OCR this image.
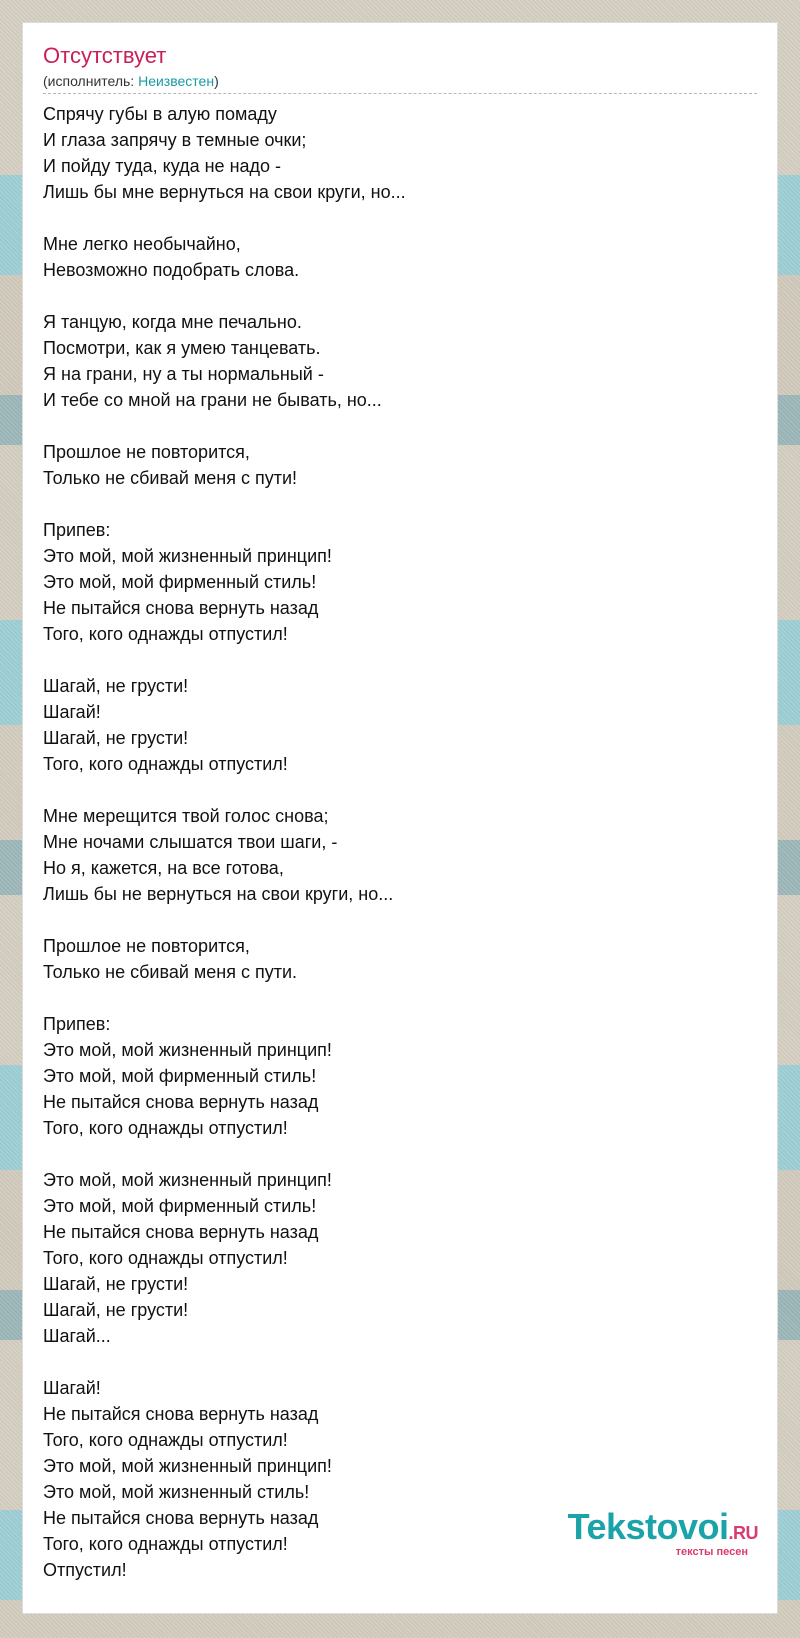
Отсутствует
(исполнитель: Неизвестен)
Спрячу губы в алую помаду
И глаза запрячу в темные очки;
И пойду туда, куда не надо -
Лишь бы мне вернуться на свои круги, но...
Мне легко необычайно,
Невозможно подобрать слова.
Я танцую, когда мне печально.
Посмотри, как я умею танцевать.
Я на грани, ну а ты нормальный -
И тебе со мной на грани не бывать, но...
Прошлое не повторится,
Только не сбивай меня с пути!
Припев:
Это мой, мой жизненный принцип!
Это мой, мой фирменный стиль!
Не пытайся снова вернуть назад
Того, кого однажды отпустил!
Шагай, не грусти!
Шагай!
Шагай, не грусти!
Того, кого однажды отпустил!
Мне мерещится твой голос снова;
Мне ночами слышатся твои шаги, -
Но я, кажется, на все готова,
Лишь бы не вернуться на свои круги, но...
Прошлое не повторится,
Только не сбивай меня с пути.
Припев:
Это мой, мой жизненный принцип!
Это мой, мой фирменный стиль!
Не пытайся снова вернуть назад
Того, кого однажды отпустил!
Это мой, мой жизненный принцип!
Это мой, мой фирменный стиль!
Не пытайся снова вернуть назад
Того, кого однажды отпустил!
Шагай, не грусти!
Шагай, не грусти!
Шагай...
Шагай!
Не пытайся снова вернуть назад
Того, кого однажды отпустил!
Это мой, мой жизненный принцип!
Это мой, мой жизненный стиль!
Не пытайся снова вернуть назад
Того, кого однажды отпустил!
Отпустил!
Tekstovoi.RU
тексты песен
